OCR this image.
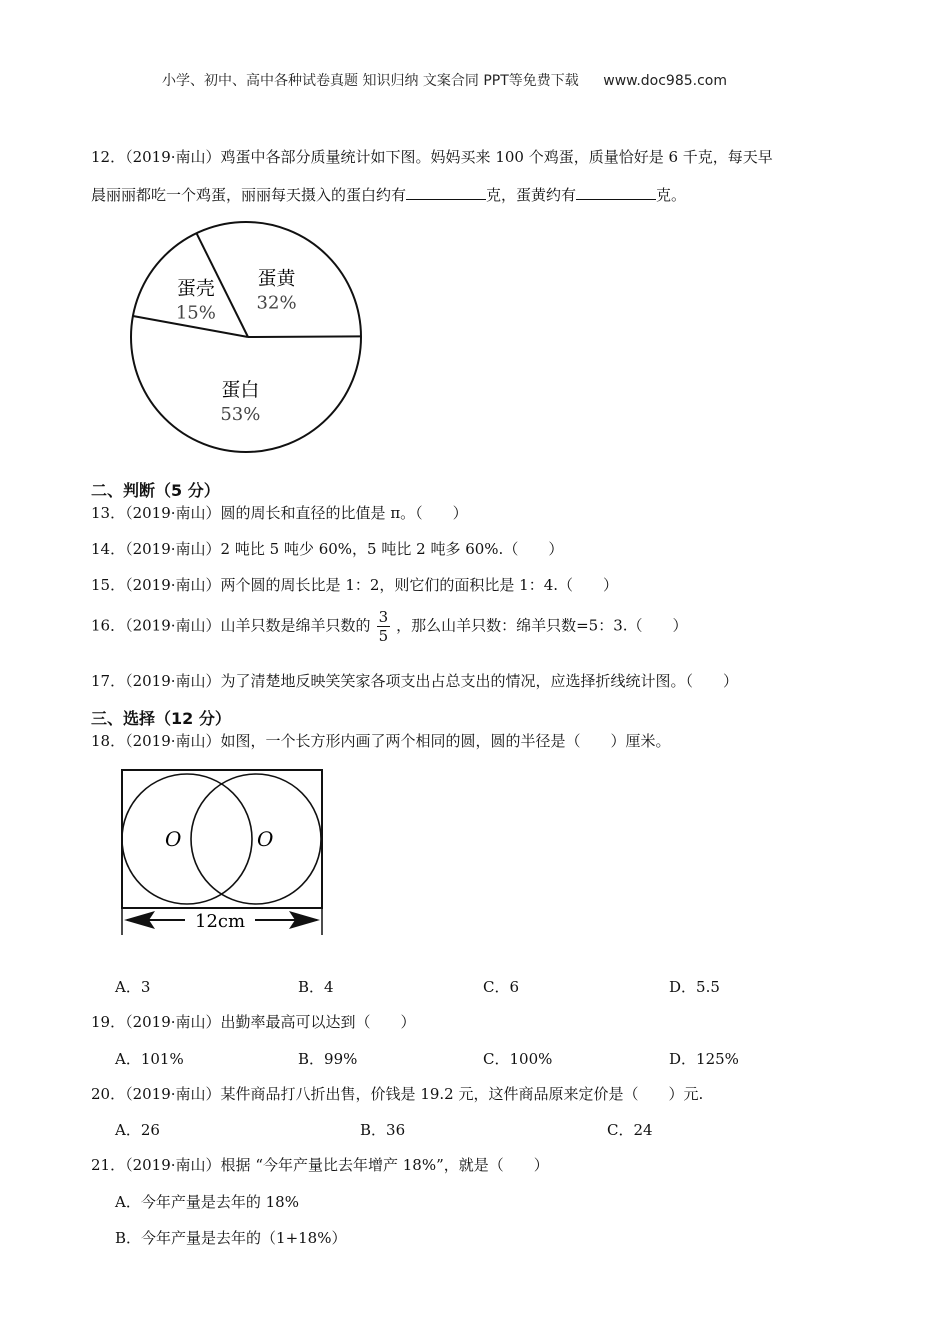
小学、初中、高中各种试卷真题 知识归纳 文案合同 PPT等免费下载 www.doc985.com
12．（2019·南山）鸡蛋中各部分质量统计如下图。妈妈买来 100 个鸡蛋，质量恰好是 6 千克，每天早
晨丽丽都吃一个鸡蛋，丽丽每天摄入的蛋白约有	克，蛋黄约有	克。
蛋壳
15%
蛋黄
32%
蛋白
53%
二、判断（5 分）
13．（2019·南山）圆的周长和直径的比值是 π。（　　）
14．（2019·南山）2 吨比 5 吨少 60%，5 吨比 2 吨多 60%.（　　）
15．（2019·南山）两个圆的周长比是 1：2，则它们的面积比是 1：4.（　　）
16．（2019·南山）山羊只数是绵羊只数的 $\frac{3}{5}$ ，那么山羊只数：绵羊只数=5：3.（　　）
17．（2019·南山）为了清楚地反映笑笑家各项支出占总支出的情况，应选择折线统计图。（　　）
三、选择（12 分）
18．（2019·南山）如图，一个长方形内画了两个相同的圆，圆的半径是（　　）厘米。
O	O
12cm
A．3	B．4	C．6	D．5.5
19．（2019·南山）出勤率最高可以达到（　　）
A．101%	B．99%	C．100%	D．125%
20．（2019·南山）某件商品打八折出售，价钱是 19.2 元，这件商品原来定价是（　　）元.
A．26	B．36	C．24
21．（2019·南山）根据 “今年产量比去年增产 18%”，就是（　　）
A．今年产量是去年的 18%
B．今年产量是去年的（1+18%）
